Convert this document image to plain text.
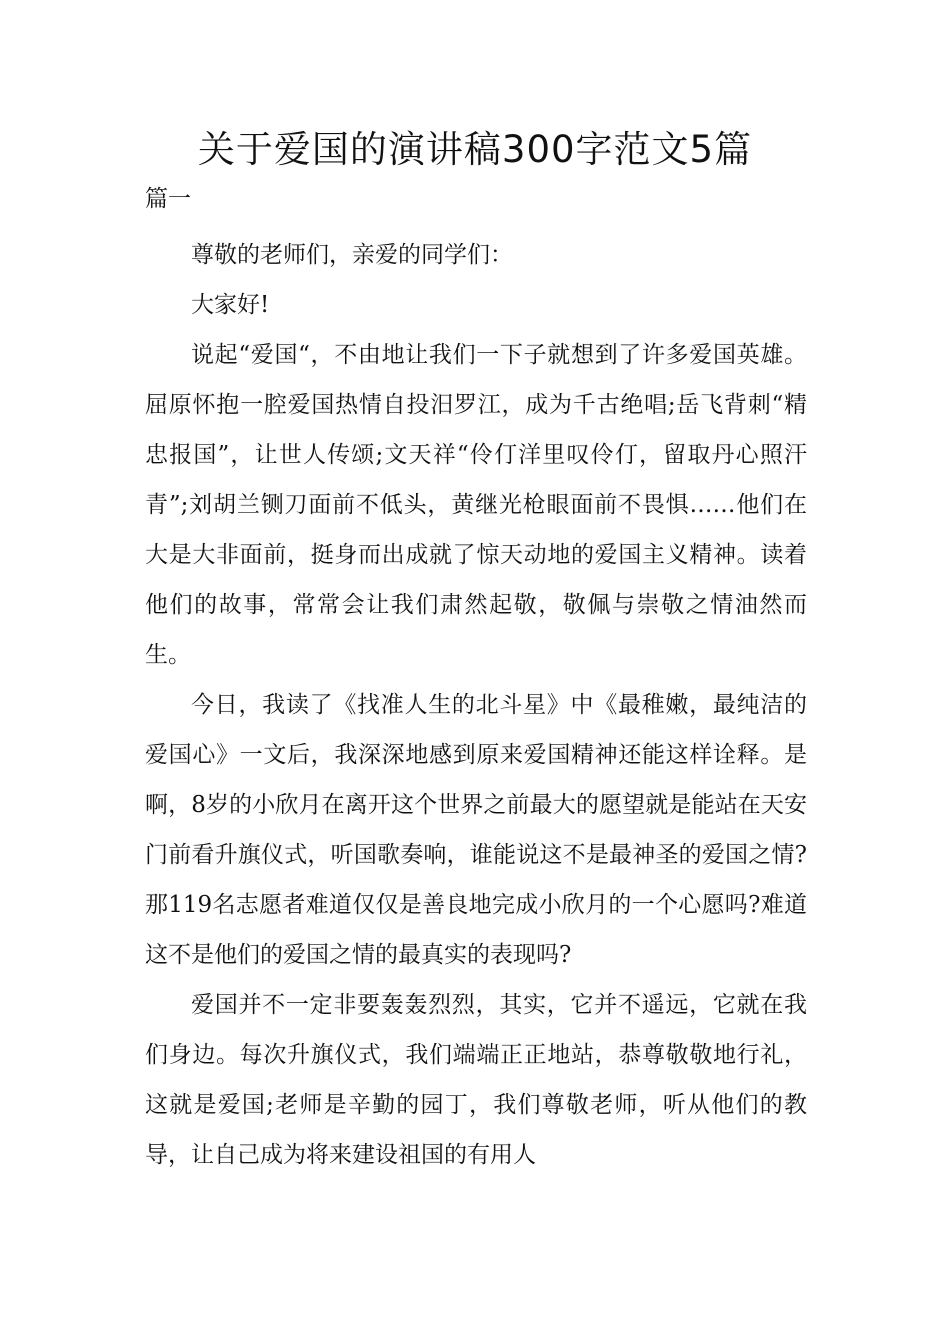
关于爱国的演讲稿300字范文5篇
篇一

尊敬的老师们，亲爱的同学们：

大家好!

说起“爱国“，不由地让我们一下子就想到了许多爱国英雄。屈原怀抱一腔爱国热情自投汨罗江，成为千古绝唱;岳飞背刺“精忠报国”，让世人传颂;文天祥“伶仃洋里叹伶仃，留取丹心照汗青”;刘胡兰铡刀面前不低头，黄继光枪眼面前不畏惧……他们在大是大非面前，挺身而出成就了惊天动地的爱国主义精神。读着他们的故事，常常会让我们肃然起敬，敬佩与崇敬之情油然而生。

今日，我读了《找准人生的北斗星》中《最稚嫩，最纯洁的爱国心》一文后，我深深地感到原来爱国精神还能这样诠释。是啊，8岁的小欣月在离开这个世界之前最大的愿望就是能站在天安门前看升旗仪式，听国歌奏响，谁能说这不是最神圣的爱国之情?那119名志愿者难道仅仅是善良地完成小欣月的一个心愿吗?难道这不是他们的爱国之情的最真实的表现吗?

爱国并不一定非要轰轰烈烈，其实，它并不遥远，它就在我们身边。每次升旗仪式，我们端端正正地站，恭尊敬敬地行礼，这就是爱国;老师是辛勤的园丁，我们尊敬老师，听从他们的教导，让自己成为将来建设祖国的有用人
